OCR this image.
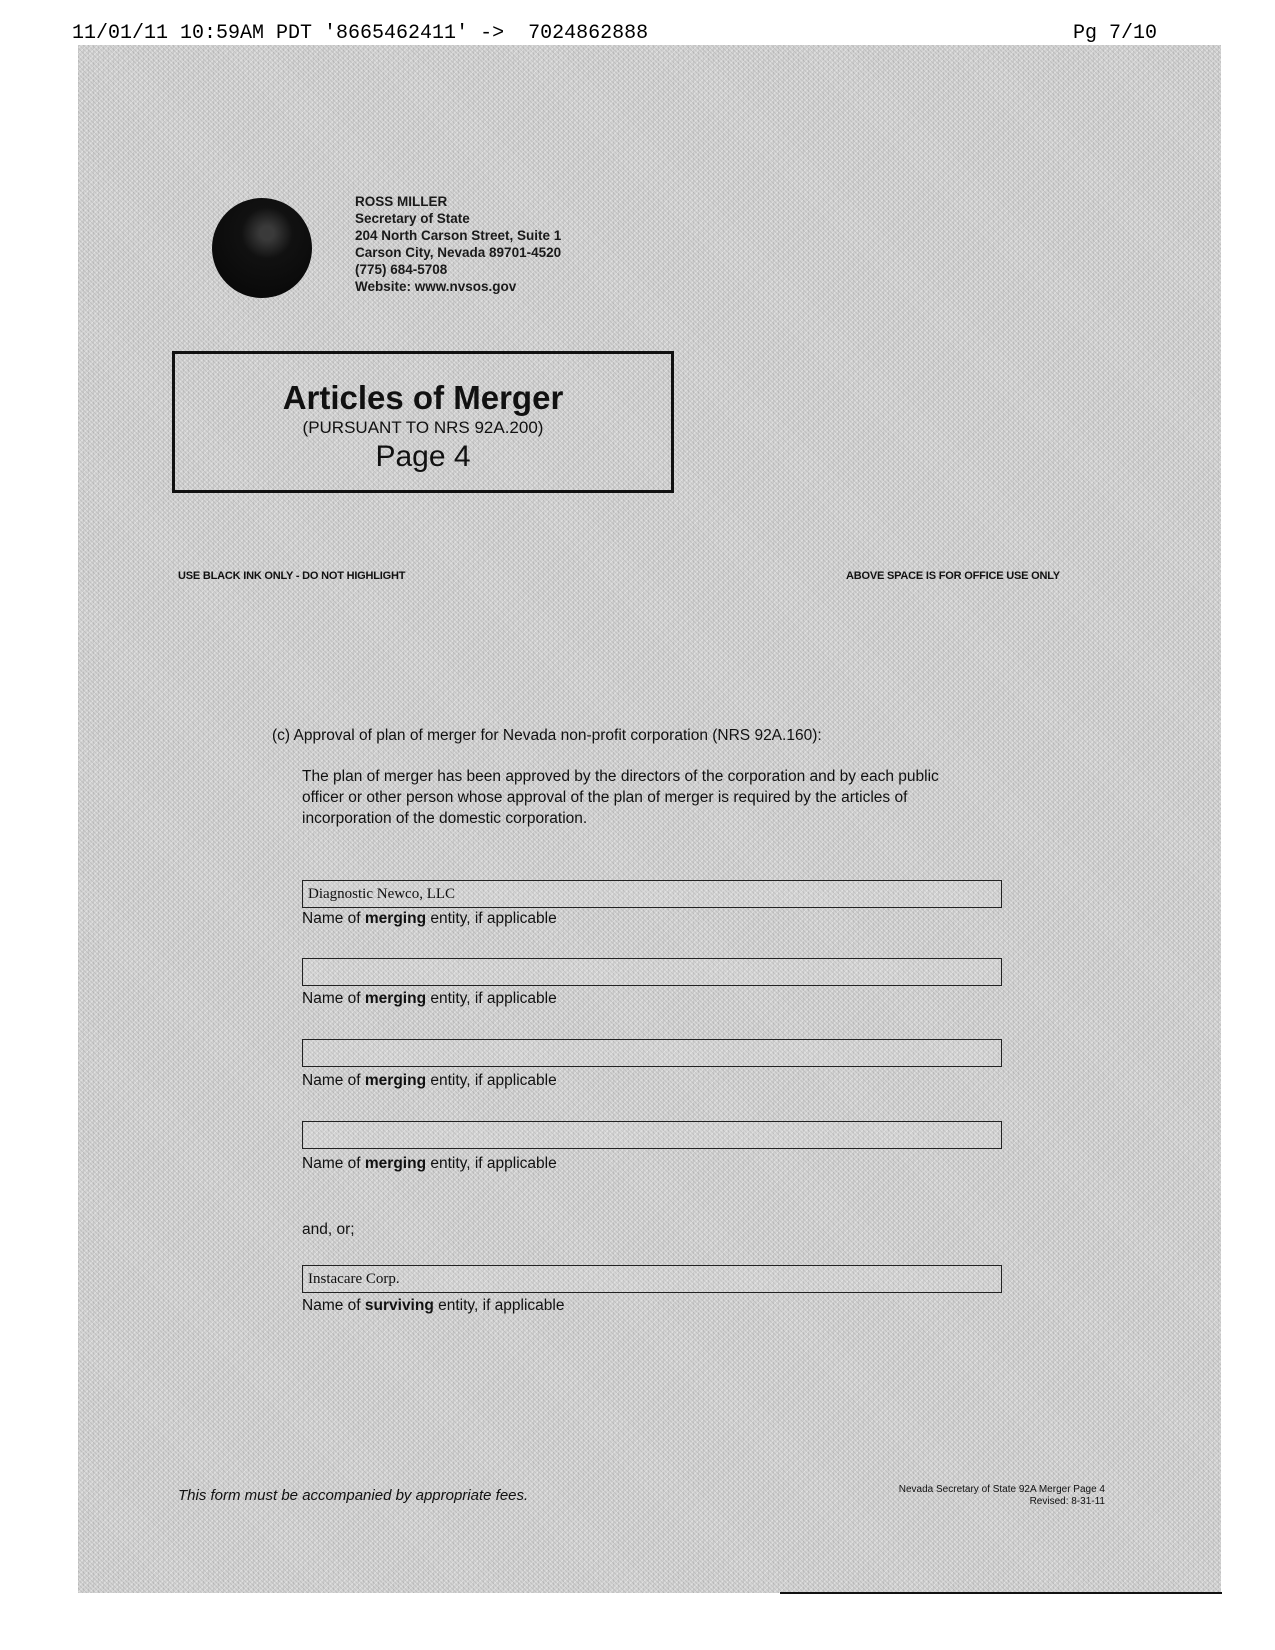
11/01/11 10:59AM PDT '8665462411' ->  7024862888	Pg 7/10
ROSS MILLER
Secretary of State
204 North Carson Street, Suite 1
Carson City, Nevada 89701-4520
(775) 684-5708
Website: www.nvsos.gov
Articles of Merger
(PURSUANT TO NRS 92A.200)
Page 4
USE BLACK INK ONLY - DO NOT HIGHLIGHT	ABOVE SPACE IS FOR OFFICE USE ONLY
(c) Approval of plan of merger for Nevada non-profit corporation (NRS 92A.160):
The plan of merger has been approved by the directors of the corporation and by each public officer or other person whose approval of the plan of merger is required by the articles of incorporation of the domestic corporation.
Diagnostic Newco, LLC
Name of merging entity, if applicable
Name of merging entity, if applicable
Name of merging entity, if applicable
Name of merging entity, if applicable
and, or;
Instacare Corp.
Name of surviving entity, if applicable
This form must be accompanied by appropriate fees.	Nevada Secretary of State 92A Merger Page 4
Revised: 8-31-11
